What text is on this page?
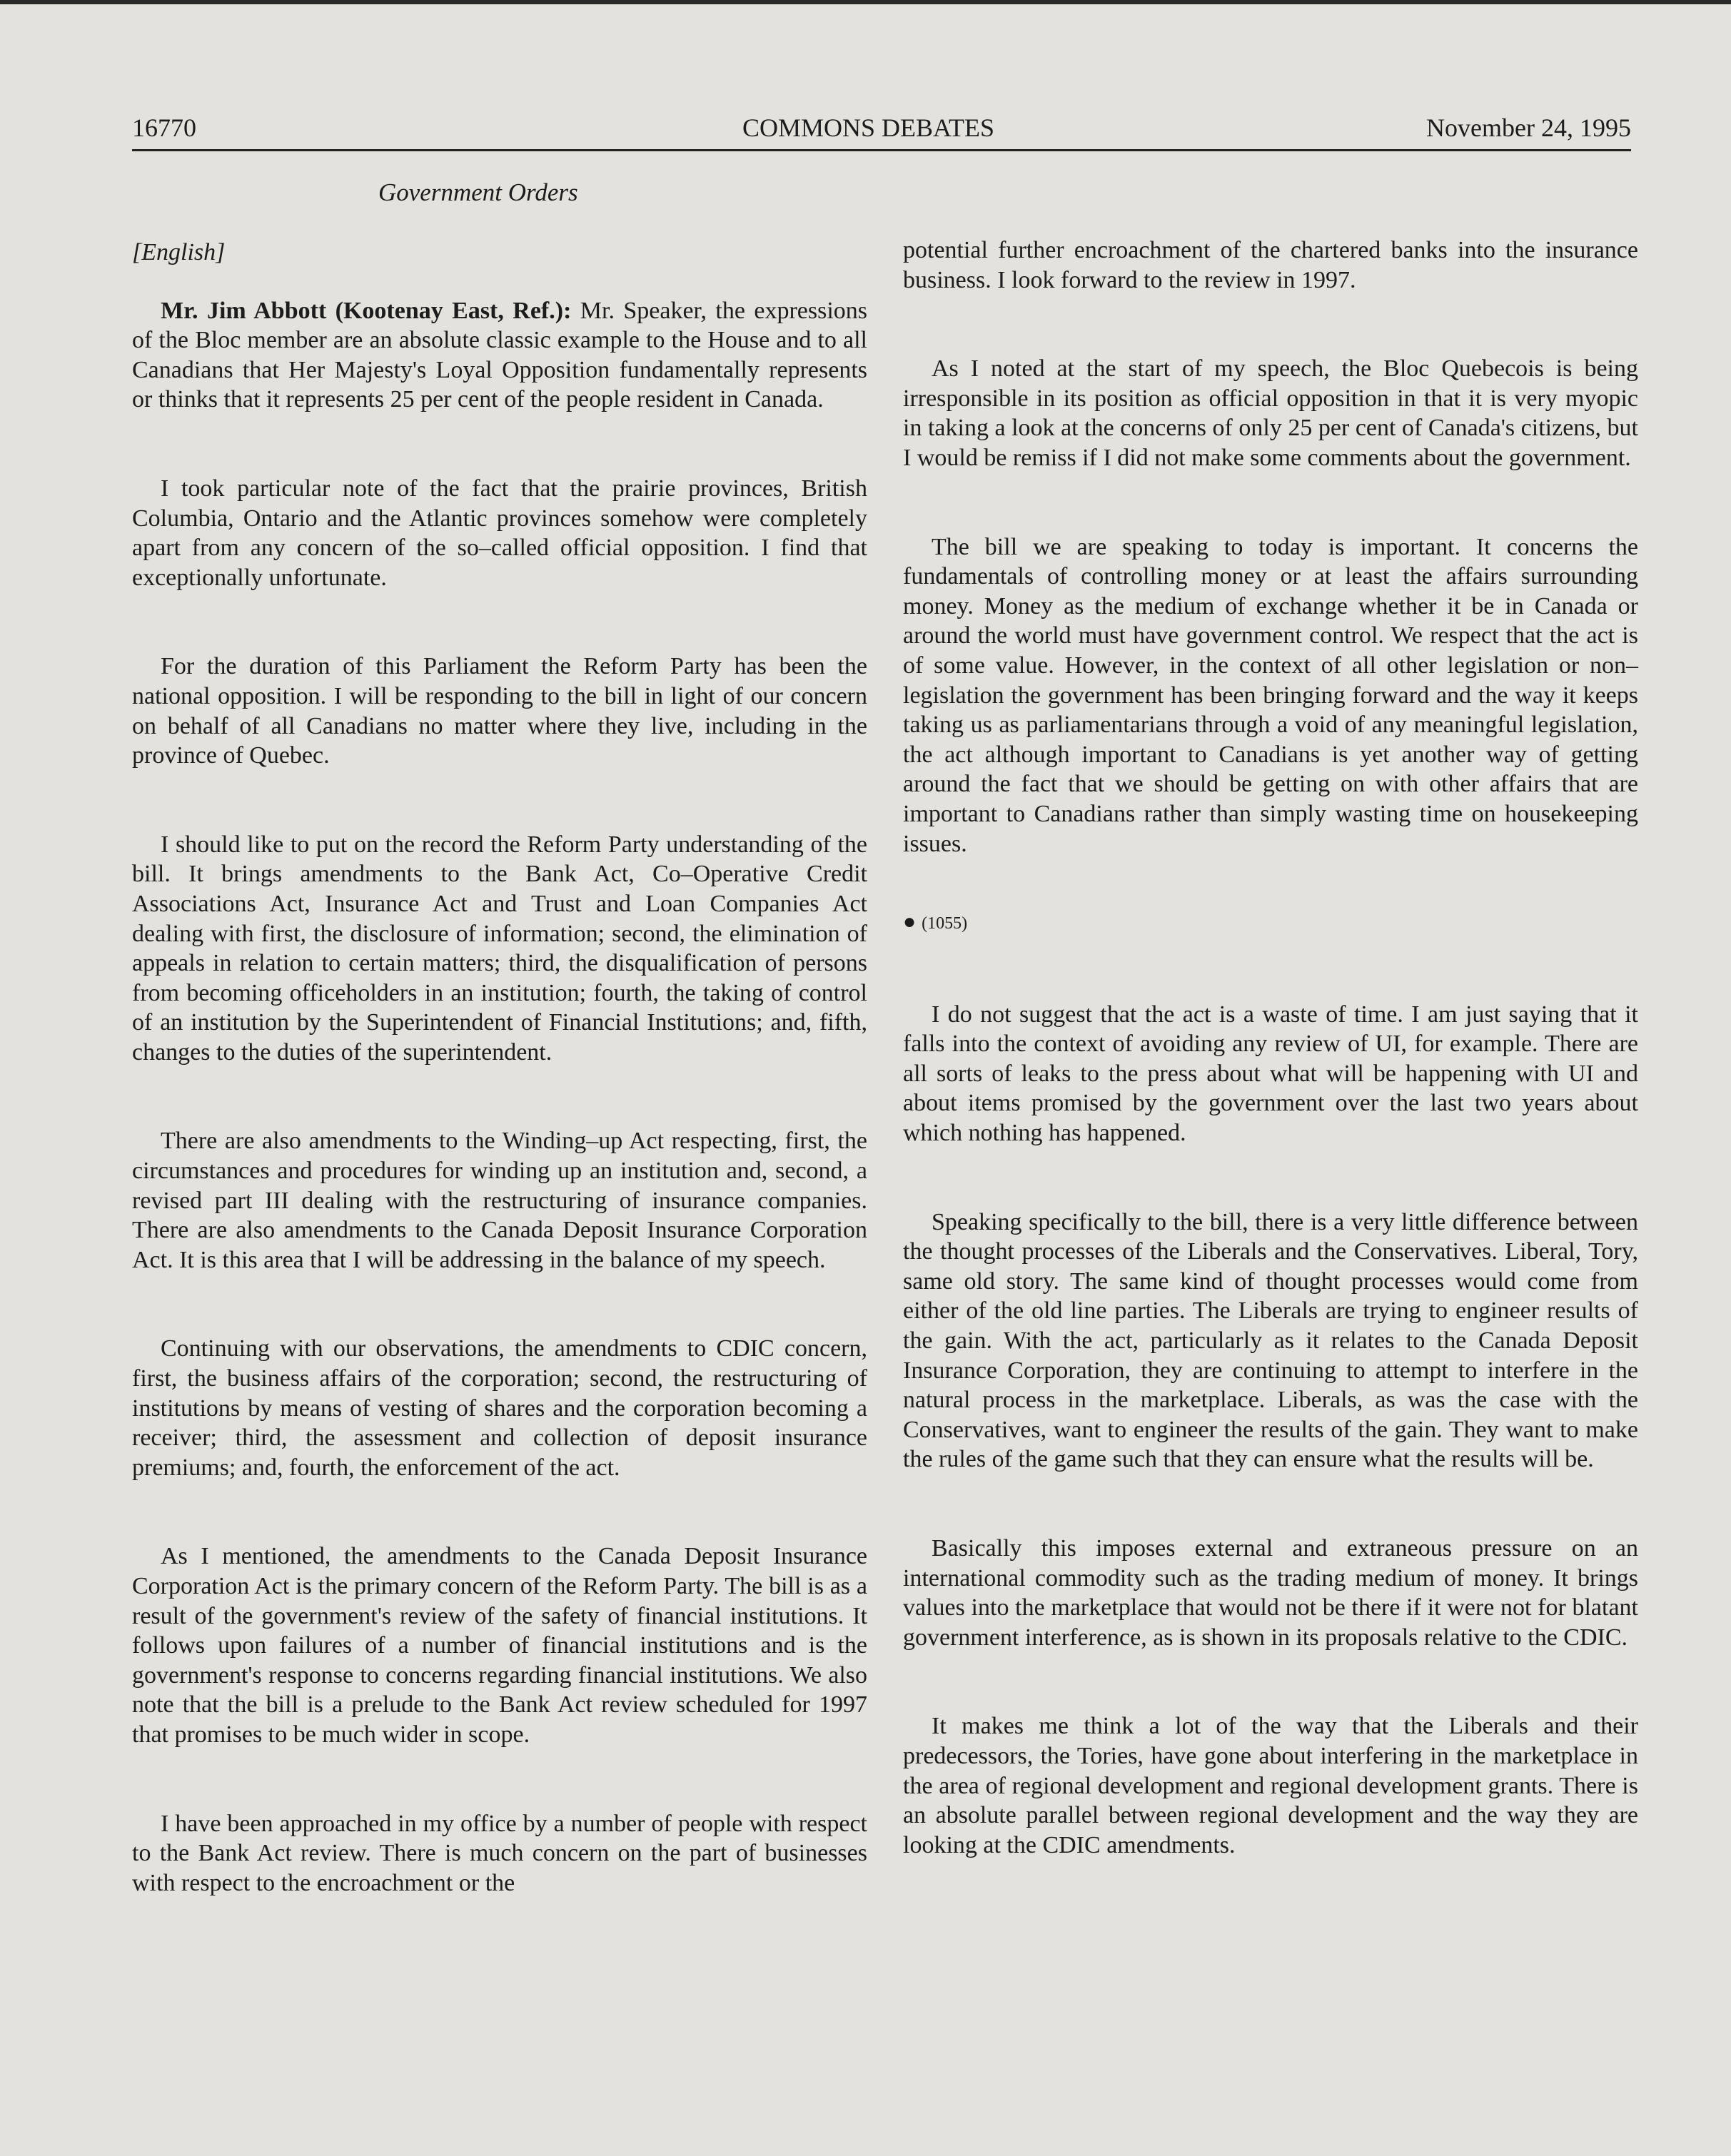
16770	COMMONS DEBATES	November 24, 1995
Government Orders

[English]

Mr. Jim Abbott (Kootenay East, Ref.): Mr. Speaker, the expressions of the Bloc member are an absolute classic example to the House and to all Canadians that Her Majesty's Loyal Opposition fundamentally represents or thinks that it represents 25 per cent of the people resident in Canada.

I took particular note of the fact that the prairie provinces, British Columbia, Ontario and the Atlantic provinces somehow were completely apart from any concern of the so–called official opposition. I find that exceptionally unfortunate.

For the duration of this Parliament the Reform Party has been the national opposition. I will be responding to the bill in light of our concern on behalf of all Canadians no matter where they live, including in the province of Quebec.

I should like to put on the record the Reform Party understanding of the bill. It brings amendments to the Bank Act, Co–Operative Credit Associations Act, Insurance Act and Trust and Loan Companies Act dealing with first, the disclosure of information; second, the elimination of appeals in relation to certain matters; third, the disqualification of persons from becoming officeholders in an institution; fourth, the taking of control of an institution by the Superintendent of Financial Institutions; and, fifth, changes to the duties of the superintendent.

There are also amendments to the Winding–up Act respecting, first, the circumstances and procedures for winding up an institution and, second, a revised part III dealing with the restructuring of insurance companies. There are also amendments to the Canada Deposit Insurance Corporation Act. It is this area that I will be addressing in the balance of my speech.

Continuing with our observations, the amendments to CDIC concern, first, the business affairs of the corporation; second, the restructuring of institutions by means of vesting of shares and the corporation becoming a receiver; third, the assessment and collection of deposit insurance premiums; and, fourth, the enforcement of the act.

As I mentioned, the amendments to the Canada Deposit Insurance Corporation Act is the primary concern of the Reform Party. The bill is as a result of the government's review of the safety of financial institutions. It follows upon failures of a number of financial institutions and is the government's response to concerns regarding financial institutions. We also note that the bill is a prelude to the Bank Act review scheduled for 1997 that promises to be much wider in scope.

I have been approached in my office by a number of people with respect to the Bank Act review. There is much concern on the part of businesses with respect to the encroachment or the

potential further encroachment of the chartered banks into the insurance business. I look forward to the review in 1997.

As I noted at the start of my speech, the Bloc Quebecois is being irresponsible in its position as official opposition in that it is very myopic in taking a look at the concerns of only 25 per cent of Canada's citizens, but I would be remiss if I did not make some comments about the government.

The bill we are speaking to today is important. It concerns the fundamentals of controlling money or at least the affairs surrounding money. Money as the medium of exchange whether it be in Canada or around the world must have government control. We respect that the act is of some value. However, in the context of all other legislation or non–legislation the government has been bringing forward and the way it keeps taking us as parliamentarians through a void of any meaningful legislation, the act although important to Canadians is yet another way of getting around the fact that we should be getting on with other affairs that are important to Canadians rather than simply wasting time on housekeeping issues.

● (1055)

I do not suggest that the act is a waste of time. I am just saying that it falls into the context of avoiding any review of UI, for example. There are all sorts of leaks to the press about what will be happening with UI and about items promised by the government over the last two years about which nothing has happened.

Speaking specifically to the bill, there is a very little difference between the thought processes of the Liberals and the Conservatives. Liberal, Tory, same old story. The same kind of thought processes would come from either of the old line parties. The Liberals are trying to engineer results of the gain. With the act, particularly as it relates to the Canada Deposit Insurance Corporation, they are continuing to attempt to interfere in the natural process in the marketplace. Liberals, as was the case with the Conservatives, want to engineer the results of the gain. They want to make the rules of the game such that they can ensure what the results will be.

Basically this imposes external and extraneous pressure on an international commodity such as the trading medium of money. It brings values into the marketplace that would not be there if it were not for blatant government interference, as is shown in its proposals relative to the CDIC.

It makes me think a lot of the way that the Liberals and their predecessors, the Tories, have gone about interfering in the marketplace in the area of regional development and regional development grants. There is an absolute parallel between regional development and the way they are looking at the CDIC amendments.
